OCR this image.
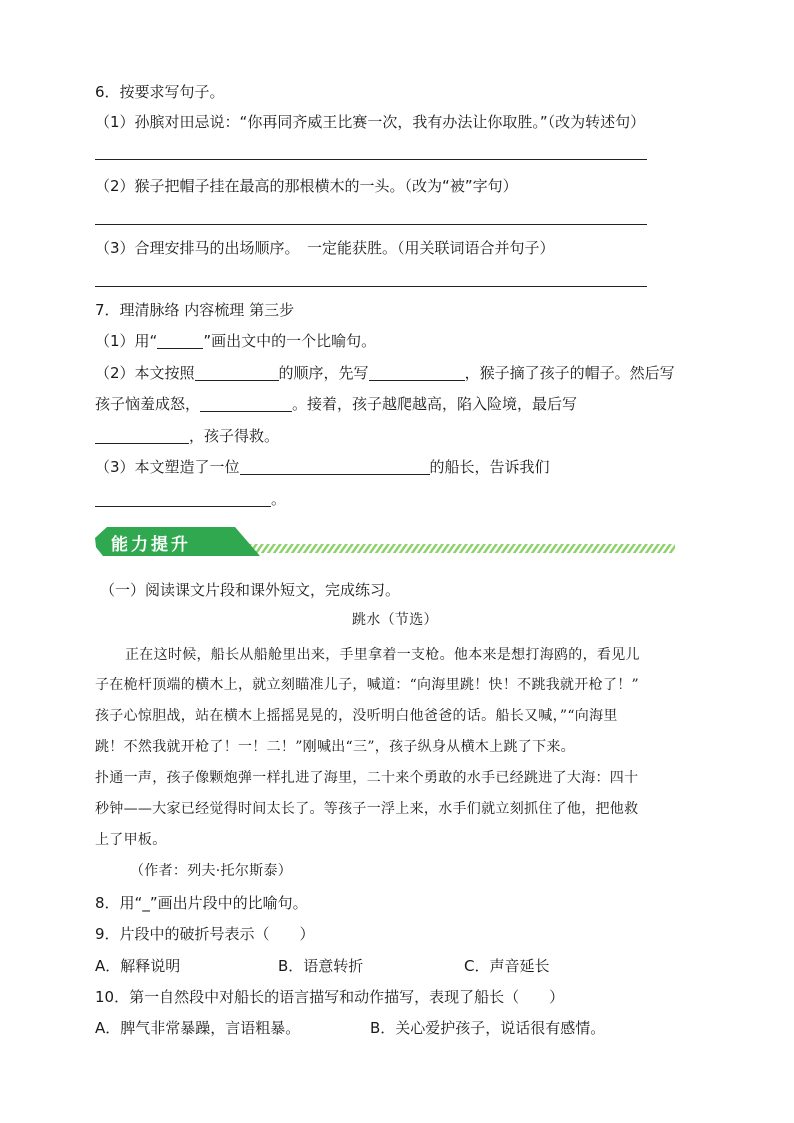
6．按要求写句子。
（1）孙膑对田忌说：“你再同齐威王比赛一次，我有办法让你取胜。”（改为转述句）
（2）猴子把帽子挂在最高的那根横木的一头。（改为“被”字句）
（3）合理安排马的出场顺序。　一定能获胜。（用关联词语合并句子）
7．理清脉络 内容梳理 第三步
（1）用“	”画出文中的一个比喻句。
（2）本文按照	的顺序，先写	，猴子摘了孩子的帽子。然后写
孩子恼羞成怒，	。接着，孩子越爬越高，陷入险境，最后写
，孩子得救。
（3）本文塑造了一位	的船长，告诉我们
。
能力提升
（一）阅读课文片段和课外短文，完成练习。
跳水（节选）
正在这时候，船长从船舱里出来，手里拿着一支枪。他本来是想打海鸥的，看见儿
子在桅杆顶端的横木上，就立刻瞄准儿子，喊道：“向海里跳！快！不跳我就开枪了！”
孩子心惊胆战，站在横木上摇摇晃晃的，没听明白他爸爸的话。船长又喊，”“向海里
跳！不然我就开枪了！一！二！”刚喊出“三”，孩子纵身从横木上跳了下来。
扑通一声，孩子像颗炮弹一样扎进了海里，二十来个勇敢的水手已经跳进了大海：四十
秒钟——大家已经觉得时间太长了。等孩子一浮上来，水手们就立刻抓住了他，把他救
上了甲板。
（作者：列夫·托尔斯泰）
8．用“_”画出片段中的比喻句。
9．片段中的破折号表示（　　）
A．解释说明	B．语意转折	C．声音延长
10．第一自然段中对船长的语言描写和动作描写，表现了船长（　　）
A．脾气非常暴躁，言语粗暴。	B．关心爱护孩子，说话很有感情。
